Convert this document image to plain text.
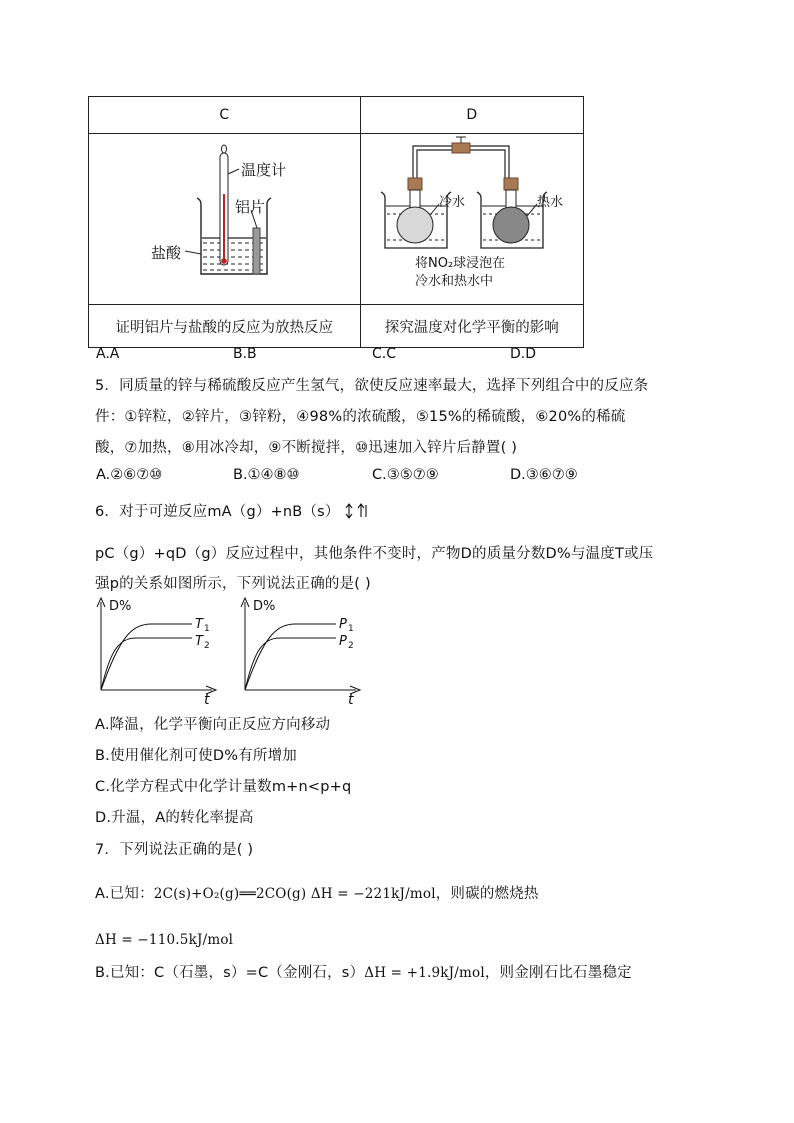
C	D

温度计
铝片
盐酸	冷水 热水
将NO₂球浸泡在
冷水和热水中

证明铝片与盐酸的反应为放热反应	探究温度对化学平衡的影响
A.A	B.B	C.C	D.D
5．同质量的锌与稀硫酸反应产生氢气，欲使反应速率最大，选择下列组合中的反应条
件：①锌粒，②锌片，③锌粉，④98%的浓硫酸，⑤15%的稀硫酸，⑥20%的稀硫
酸，⑦加热，⑧用冰冷却，⑨不断搅拌，⑩迅速加入锌片后静置( )
A.②⑥⑦⑩	B.①④⑧⑩	C.③⑤⑦⑨	D.③⑥⑦⑨
6．对于可逆反应mA（g）+nB（s）
pC（g）+qD（g）反应过程中，其他条件不变时，产物D的质量分数D%与温度T或压
强p的关系如图所示，下列说法正确的是( )
D%
t
T 1
T 2
D%
t
P 1
P 2
A.降温，化学平衡向正反应方向移动
B.使用催化剂可使D%有所增加
C.化学方程式中化学计量数m+n<p+q
D.升温，A的转化率提高
7．下列说法正确的是( )
A.已知：2C(s)+O₂(g)══2CO(g) ΔH = −221kJ/mol，则碳的燃烧热
ΔH = −110.5kJ/mol
B.已知：C（石墨，s）=C（金刚石，s）ΔH = +1.9kJ/mol，则金刚石比石墨稳定
